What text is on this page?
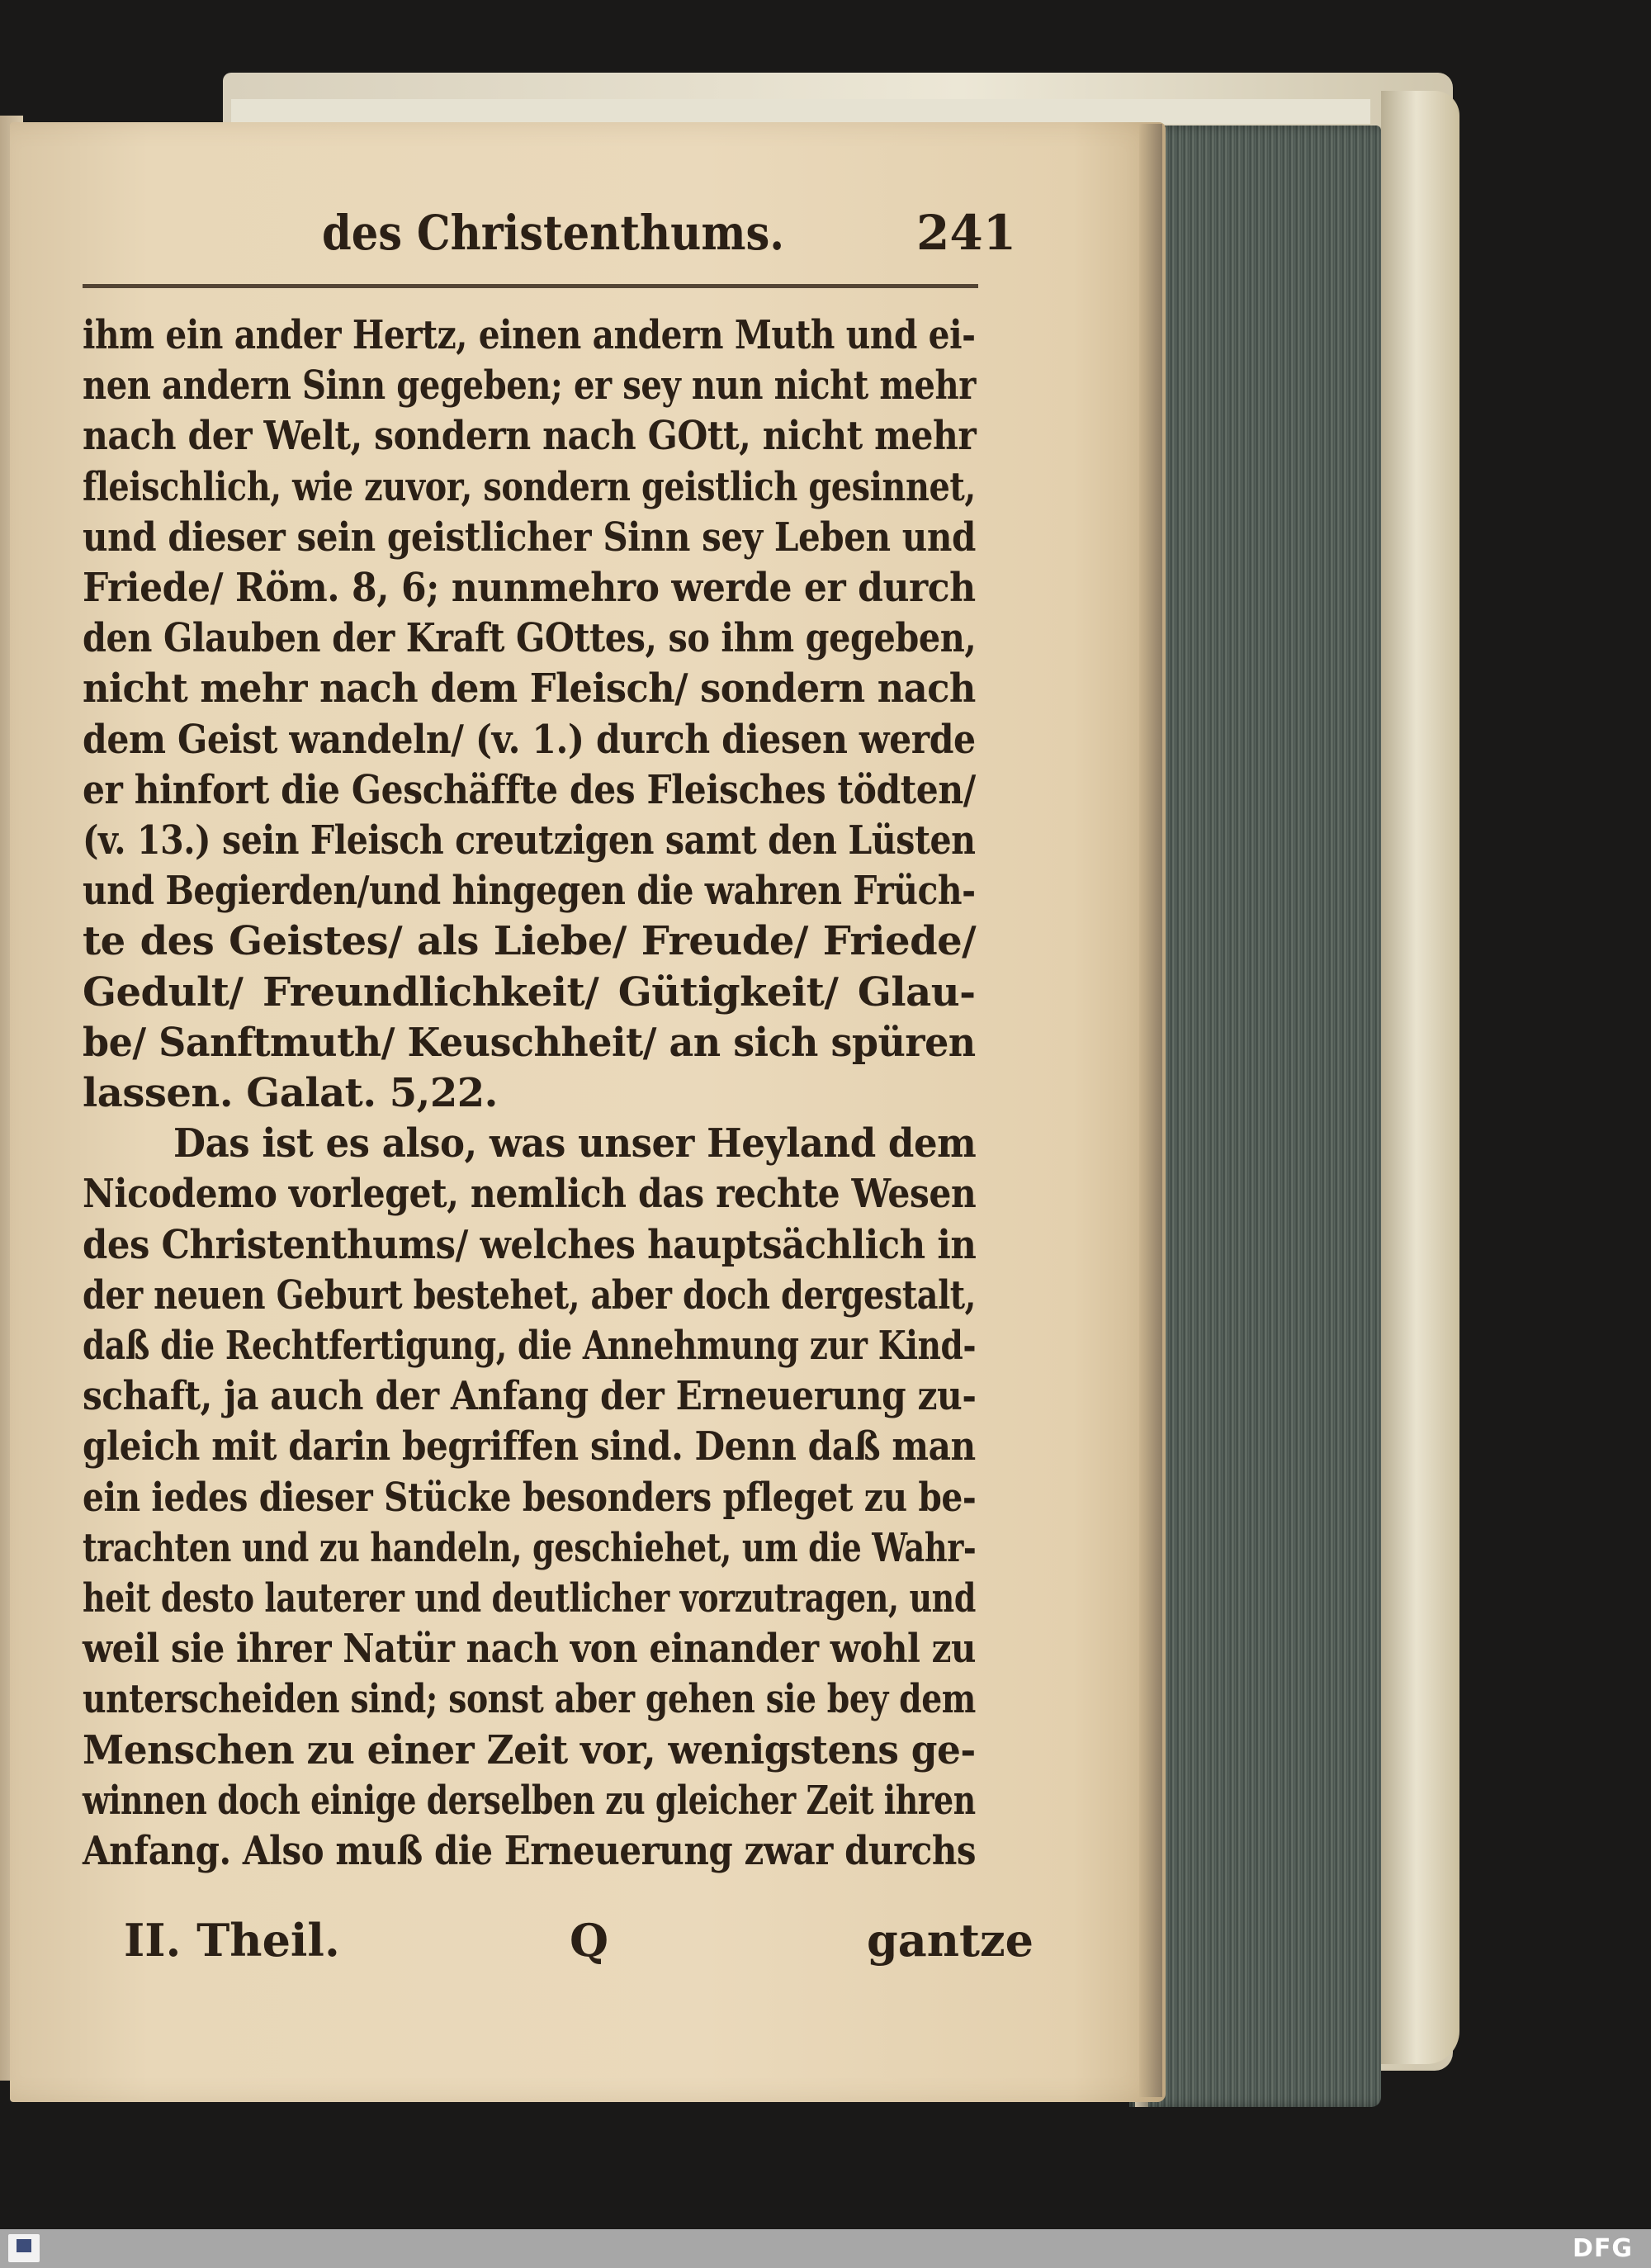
des Christenthums.	241
ihm ein ander Hertz, einen andern Muth und ei-
nen andern Sinn gegeben; er sey nun nicht mehr
nach der Welt, sondern nach GOtt, nicht mehr
fleischlich, wie zuvor, sondern geistlich gesinnet,
und dieser sein geistlicher Sinn sey Leben und
Friede/ Röm. 8, 6; nunmehro werde er durch
den Glauben der Kraft GOttes, so ihm gegeben,
nicht mehr nach dem Fleisch/ sondern nach
dem Geist wandeln/ (v. 1.) durch diesen werde
er hinfort die Geschäffte des Fleisches tödten/
(v. 13.) sein Fleisch creutzigen samt den Lüsten
und Begierden/und hingegen die wahren Früch-
te des Geistes/ als Liebe/ Freude/ Friede/
Gedult/ Freundlichkeit/ Gütigkeit/ Glau-
be/ Sanftmuth/ Keuschheit/ an sich spüren
lassen. Galat. 5,22.
Das ist es also, was unser Heyland dem
Nicodemo vorleget, nemlich das rechte Wesen
des Christenthums/ welches hauptsächlich in
der neuen Geburt bestehet, aber doch dergestalt,
daß die Rechtfertigung, die Annehmung zur Kind-
schaft, ja auch der Anfang der Erneuerung zu-
gleich mit darin begriffen sind. Denn daß man
ein iedes dieser Stücke besonders pfleget zu be-
trachten und zu handeln, geschiehet, um die Wahr-
heit desto lauterer und deutlicher vorzutragen, und
weil sie ihrer Natür nach von einander wohl zu
unterscheiden sind; sonst aber gehen sie bey dem
Menschen zu einer Zeit vor, wenigstens ge-
winnen doch einige derselben zu gleicher Zeit ihren
Anfang. Also muß die Erneuerung zwar durchs
II. Theil.	Q	gantze
DFG
